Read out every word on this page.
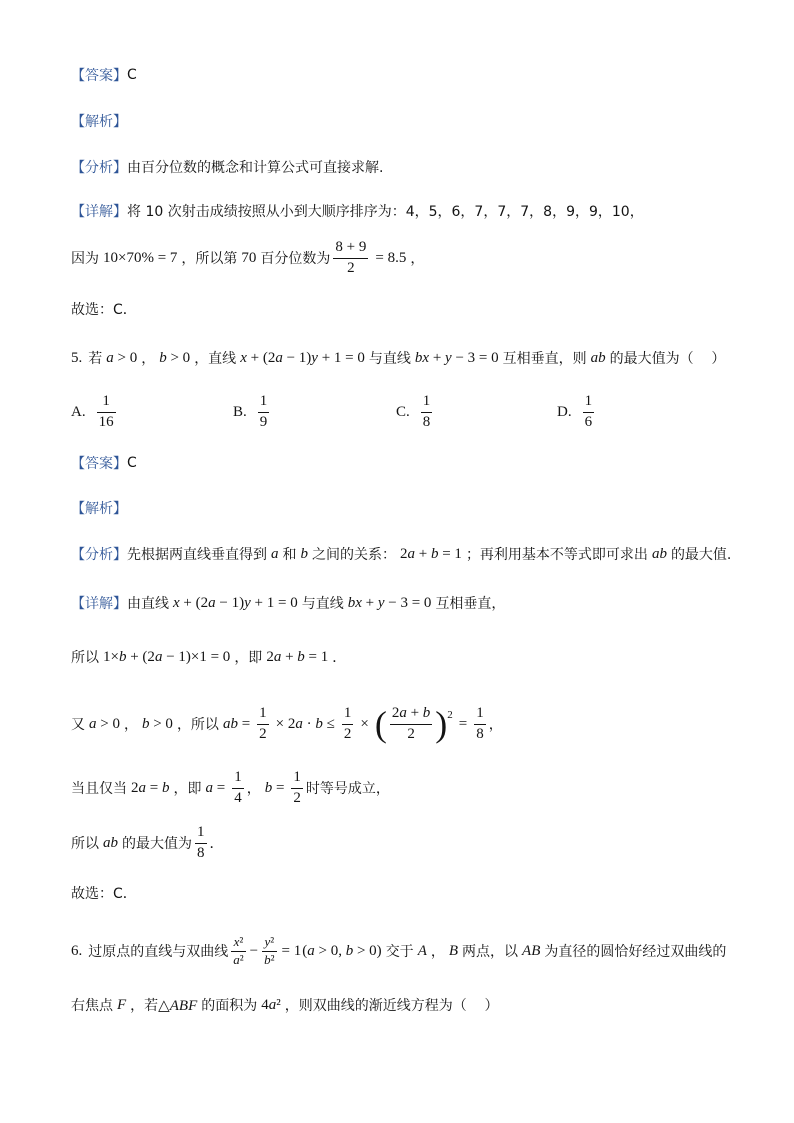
【答案】 C
【解析】
【分析】 由百分位数的概念和计算公式可直接求解.
【详解】 将 10 次射击成绩按照从小到大顺序排序为：4，5，6，7，7，7，8，9，9，10，
因为 10×70% = 7 ，所以第 70 百分位数为 $\frac{8 + 9}{2} = 8.5$ ，
故选：C．
5. 若 a > 0 ， b > 0 ，直线 x + (2a − 1)y + 1 = 0 与直线 bx + y − 3 = 0 互相垂直，则 ab 的最大值为（    ）
A. $\frac{1}{16}$	B. $\frac{1}{9}$	C. $\frac{1}{8}$	D. $\frac{1}{6}$
【答案】 C
【解析】
【分析】 先根据两直线垂直得到 a 和 b 之间的关系： 2a + b = 1 ；再利用基本不等式即可求出 ab 的最大值.
【详解】 由直线 x + (2a − 1)y + 1 = 0 与直线 bx + y − 3 = 0 互相垂直，
所以 1×b + (2a − 1)×1 = 0 ，即 2a + b = 1 ．
又 a > 0 ， b > 0 ，所以 ab = $\frac{1}{2} \times 2a \cdot b \le \frac{1}{2}$ × ( $\frac{2a + b}{2}$ ) 2
= $\frac{1}{8}$ ，
当且仅当 2a = b ，即 $a = \frac{1}{4}$ ， $b = \frac{1}{2}$ 时等号成立，
所以 ab 的最大值为 $\frac{1}{8}$ ．
故选：C．
6. 过原点的直线与双曲线 $\frac{\text{x²}}{\text{a²}} - \frac{\text{y²}}{\text{b²}} = 1$ (a > 0, b > 0) 交于 A ， B 两点，以 AB 为直径的圆恰好经过双曲线的
右焦点 F ，若 △ABF 的面积为 4a² ，则双曲线的渐近线方程为（    ）
